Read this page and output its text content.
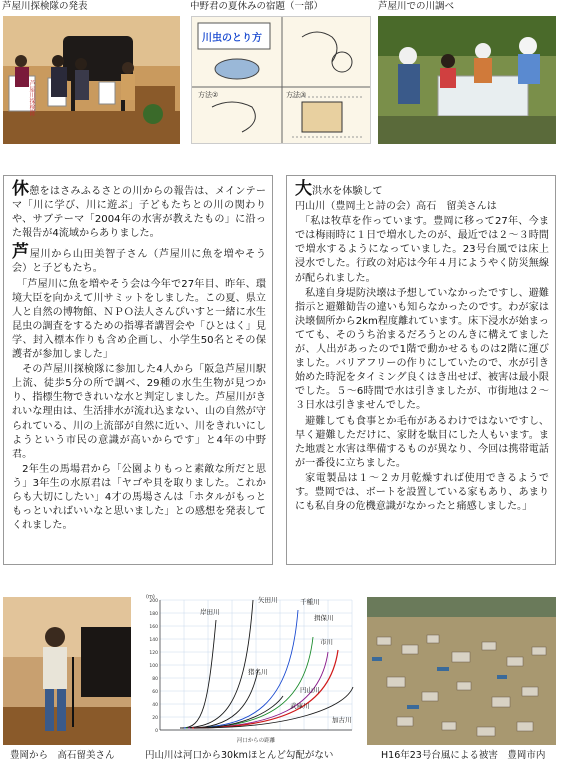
芦屋川探検隊の発表	中野君の夏休みの宿題（一部）	芦屋川での川調べ
芦屋川探検隊
川虫のとり方
方法②	方法③

休憩をはさみふるさとの川からの報告は、メインテーマ「川に学び、川に遊ぶ」子どもたちとの川の関わりや、サブテーマ「2004年の水害が教えたもの」に沿った報告が4流域からありました。

芦屋川から山田美智子さん（芦屋川に魚を増やそう会）と子どもたち。

「芦屋川に魚を増やそう会は今年で27年目、昨年、環境大臣を向かえて川サミットをしました。この夏、県立人と自然の博物館、ＮＰＯ法人さんぴいすと一緒に水生昆虫の調査をするための指導者講習会や「ひとはく」見学、封入標本作りも含め企画し、小学生50名とその保護者が参加しました」

その芦屋川探検隊に参加した4人から「阪急芦屋川駅上流、徒歩5分の所で調べ、29種の水生生物が見つかり、指標生物できれいな水と判定しました。芦屋川がきれいな理由は、生活排水が流れ込まない、山の自然が守られている、川の上流部が自然に近い、川をきれいにしようという市民の意識が高いからです」と4年の中野君。

2年生の馬場君から「公園よりもっと素敵な所だと思う」3年生の水原君は「ヤゴや貝を取りました。これからも大切にしたい」4才の馬場さんは「ホタルがもっともっといればいいなと思いました」との感想を発表してくれました。

大洪水を体験して

円山川（豊岡土と詩の会）高石　留美さんは

「私は牧草を作っています。豊岡に移って27年、今までは梅雨時に１日で増水したのが、最近では２～３時間で増水するようになっていました。23号台風では床上浸水でした。行政の対応は今年４月にようやく防災無線が配られました。

私達自身堤防決壊は予想していなかったですし、避難指示と避難勧告の違いも知らなかったのです。わが家は決壊個所から2km程度離れています。床下浸水が始まってても、そのうち治まるだろうとのんきに構えてましたが、人出があったので1階で動かせるものは2階に運びました。バリアフリーの作りにしていたので、水が引き始めた時泥をタイミング良くはき出せば、被害は最小限でした。５～6時間で水は引きましたが、市街地は２～３日水は引きませんでした。

避難しても食事とか毛布があるわけではないですし、早く避難しただけに、家財を駄目にした人もいます。また地震と水害は準備するものが異なり、今回は携帯電話が一番役に立ちました。

家電製品は１～２カ月乾燥すれば使用できるようです。豊岡では、ボートを設置している家もあり、あまりにも私自身の危機意識がなかったと痛感しました。」

(m)
200
180
160
140
120
100
80
60
40
20
0
河口からの距離
矢田川
岸田川
千種川
揖保川
市川
猪名川
円山川
武庫川
加古川
豊岡から　高石留美さん	円山川は河口から30kmほとんど勾配がない	H16年23号台風による被害　豊岡市内
